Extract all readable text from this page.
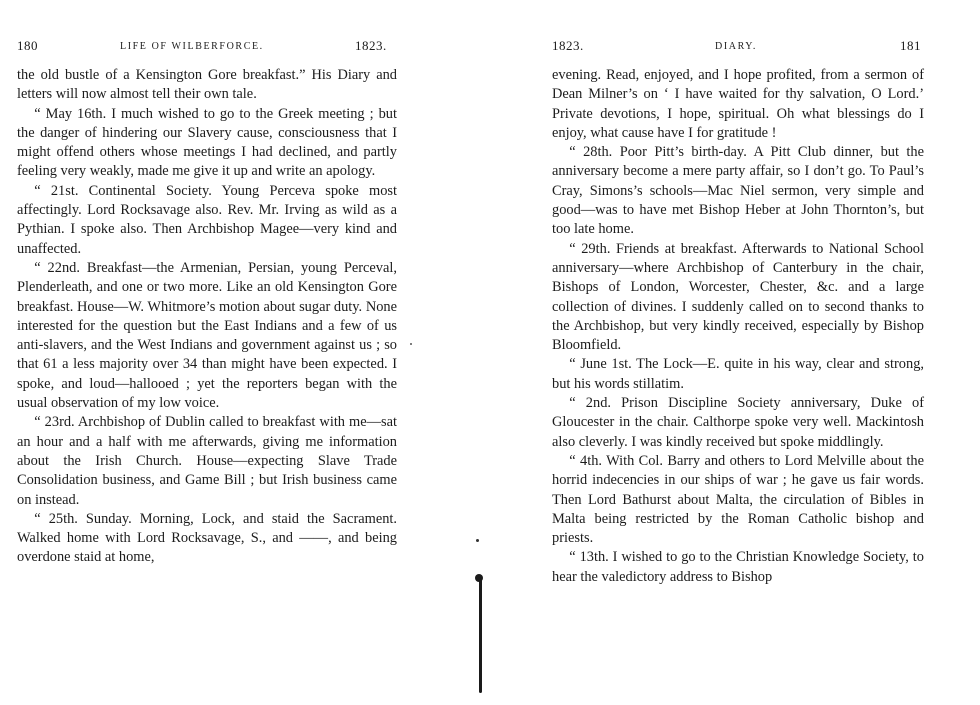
180	LIFE OF WILBERFORCE.	1823.

the old bustle of a Kensington Gore breakfast.” His Diary and letters will now almost tell their own tale.

“ May 16th. I much wished to go to the Greek meeting ; but the danger of hindering our Slavery cause, consciousness that I might offend others whose meetings I had declined, and partly feeling very weakly, made me give it up and write an apology.

“ 21st. Continental Society. Young Perceva spoke most affectingly. Lord Rocksavage also. Rev. Mr. Irving as wild as a Pythian. I spoke also. Then Archbishop Magee—very kind and unaffected.

“ 22nd. Breakfast—the Armenian, Persian, young Perceval, Plenderleath, and one or two more. Like an old Kensington Gore breakfast. House—W. Whitmore’s motion about sugar duty. None interested for the question but the East Indians and a few of us anti-slavers, and the West Indians and government against us ; so that 61 a less majority over 34 than might have been expected. I spoke, and loud—hallooed ; yet the reporters began with the usual observation of my low voice.

“ 23rd. Archbishop of Dublin called to breakfast with me—sat an hour and a half with me afterwards, giving me information about the Irish Church. House—expecting Slave Trade Consolidation business, and Game Bill ; but Irish business came on instead.

“ 25th. Sunday. Morning, Lock, and staid the Sacrament. Walked home with Lord Rocksavage, S., and ——, and being overdone staid at home,

1823.	DIARY.	181

evening. Read, enjoyed, and I hope profited, from a sermon of Dean Milner’s on ‘ I have waited for thy salvation, O Lord.’ Private devotions, I hope, spiritual. Oh what blessings do I enjoy, what cause have I for gratitude !

“ 28th. Poor Pitt’s birth-day. A Pitt Club dinner, but the anniversary become a mere party affair, so I don’t go. To Paul’s Cray, Simons’s schools—Mac Niel sermon, very simple and good—was to have met Bishop Heber at John Thornton’s, but too late home.

“ 29th. Friends at breakfast. Afterwards to National School anniversary—where Archbishop of Canterbury in the chair, Bishops of London, Worcester, Chester, &c. and a large collection of divines. I suddenly called on to second thanks to the Archbishop, but very kindly received, especially by Bishop Bloomfield.

“ June 1st. The Lock—E. quite in his way, clear and strong, but his words stillatim.

“ 2nd. Prison Discipline Society anniversary, Duke of Gloucester in the chair. Calthorpe spoke very well. Mackintosh also cleverly. I was kindly received but spoke middlingly.

“ 4th. With Col. Barry and others to Lord Melville about the horrid indecencies in our ships of war ; he gave us fair words. Then Lord Bathurst about Malta, the circulation of Bibles in Malta being restricted by the Roman Catholic bishop and priests.

“ 13th. I wished to go to the Christian Knowledge Society, to hear the valedictory address to Bishop
